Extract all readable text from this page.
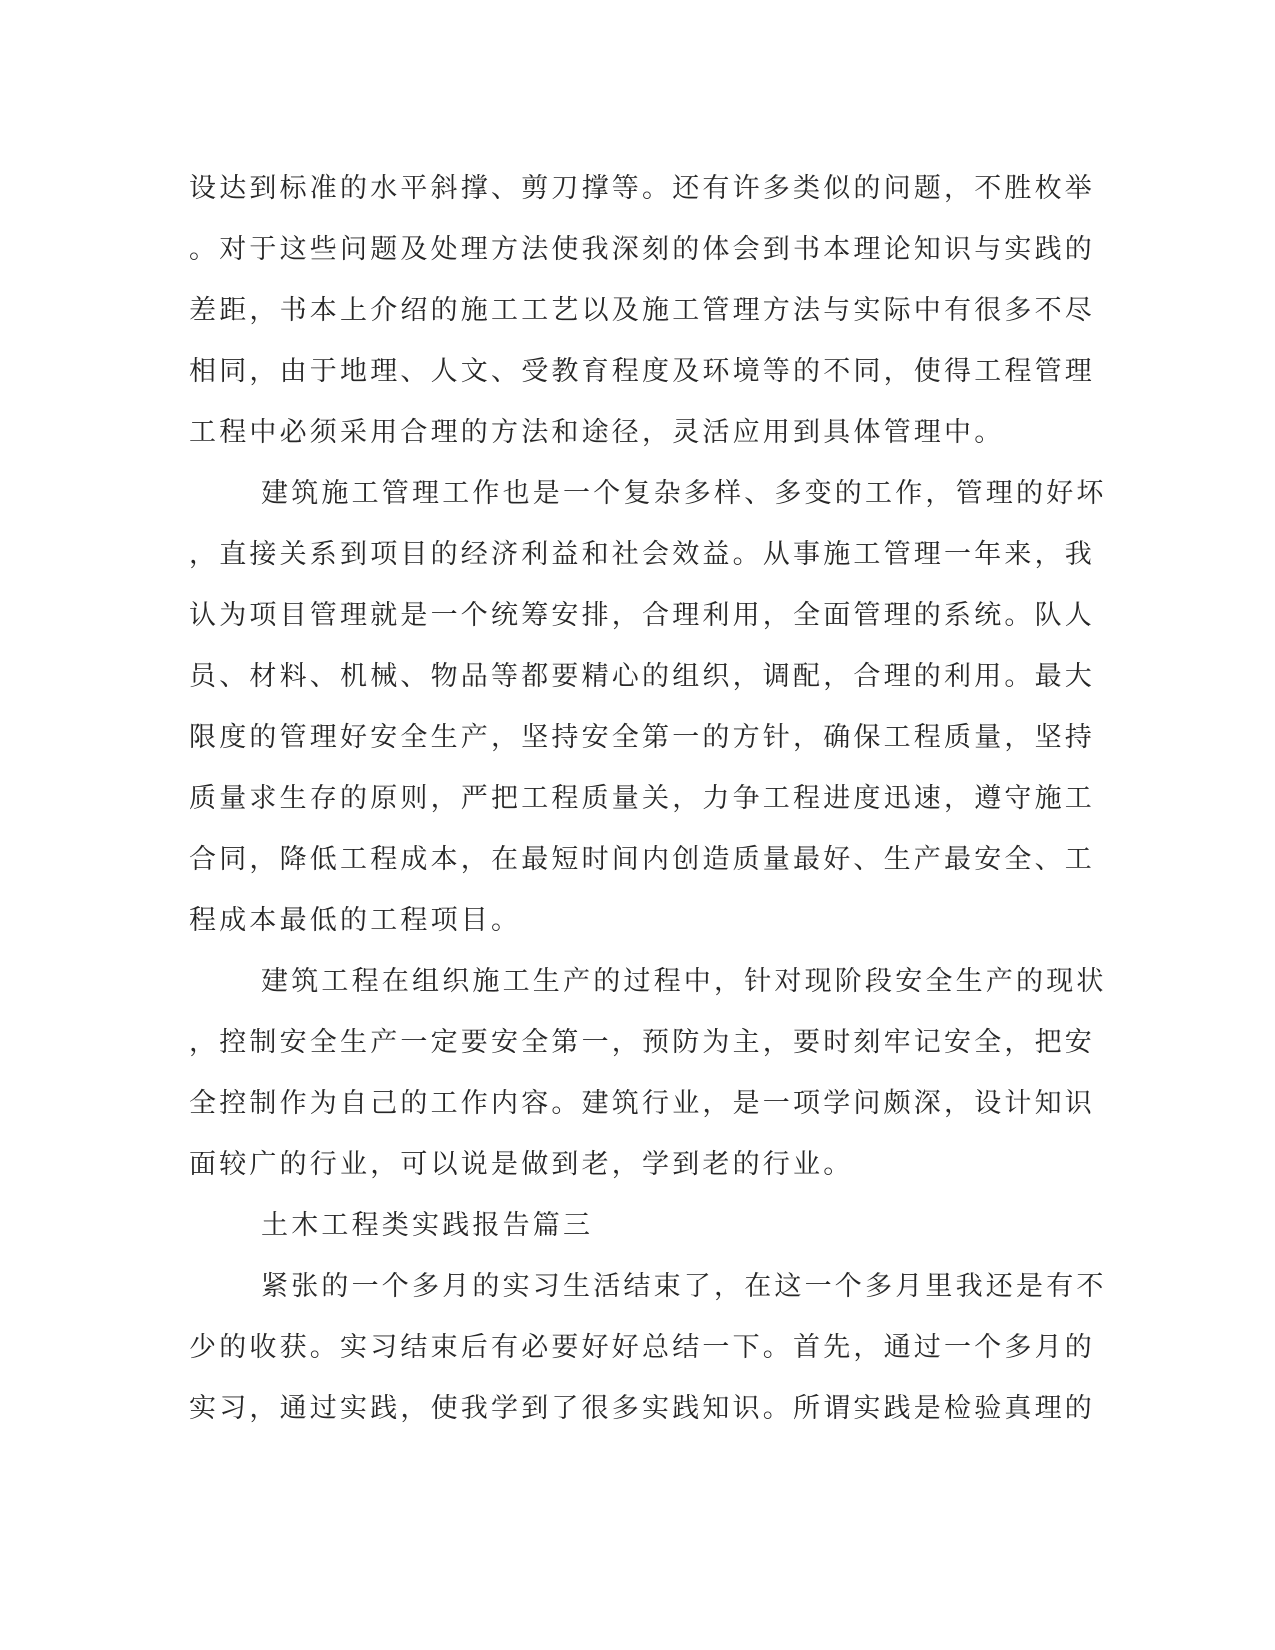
设达到标准的水平斜撑、剪刀撑等。还有许多类似的问题，不胜枚举
。对于这些问题及处理方法使我深刻的体会到书本理论知识与实践的
差距，书本上介绍的施工工艺以及施工管理方法与实际中有很多不尽
相同，由于地理、人文、受教育程度及环境等的不同，使得工程管理
工程中必须采用合理的方法和途径，灵活应用到具体管理中。
建筑施工管理工作也是一个复杂多样、多变的工作，管理的好坏
，直接关系到项目的经济利益和社会效益。从事施工管理一年来，我
认为项目管理就是一个统筹安排，合理利用，全面管理的系统。队人
员、材料、机械、物品等都要精心的组织，调配，合理的利用。最大
限度的管理好安全生产，坚持安全第一的方针，确保工程质量，坚持
质量求生存的原则，严把工程质量关，力争工程进度迅速，遵守施工
合同，降低工程成本，在最短时间内创造质量最好、生产最安全、工
程成本最低的工程项目。
建筑工程在组织施工生产的过程中，针对现阶段安全生产的现状
，控制安全生产一定要安全第一，预防为主，要时刻牢记安全，把安
全控制作为自己的工作内容。建筑行业，是一项学问颇深，设计知识
面较广的行业，可以说是做到老，学到老的行业。
土木工程类实践报告篇三
紧张的一个多月的实习生活结束了，在这一个多月里我还是有不
少的收获。实习结束后有必要好好总结一下。首先，通过一个多月的
实习，通过实践，使我学到了很多实践知识。所谓实践是检验真理的
